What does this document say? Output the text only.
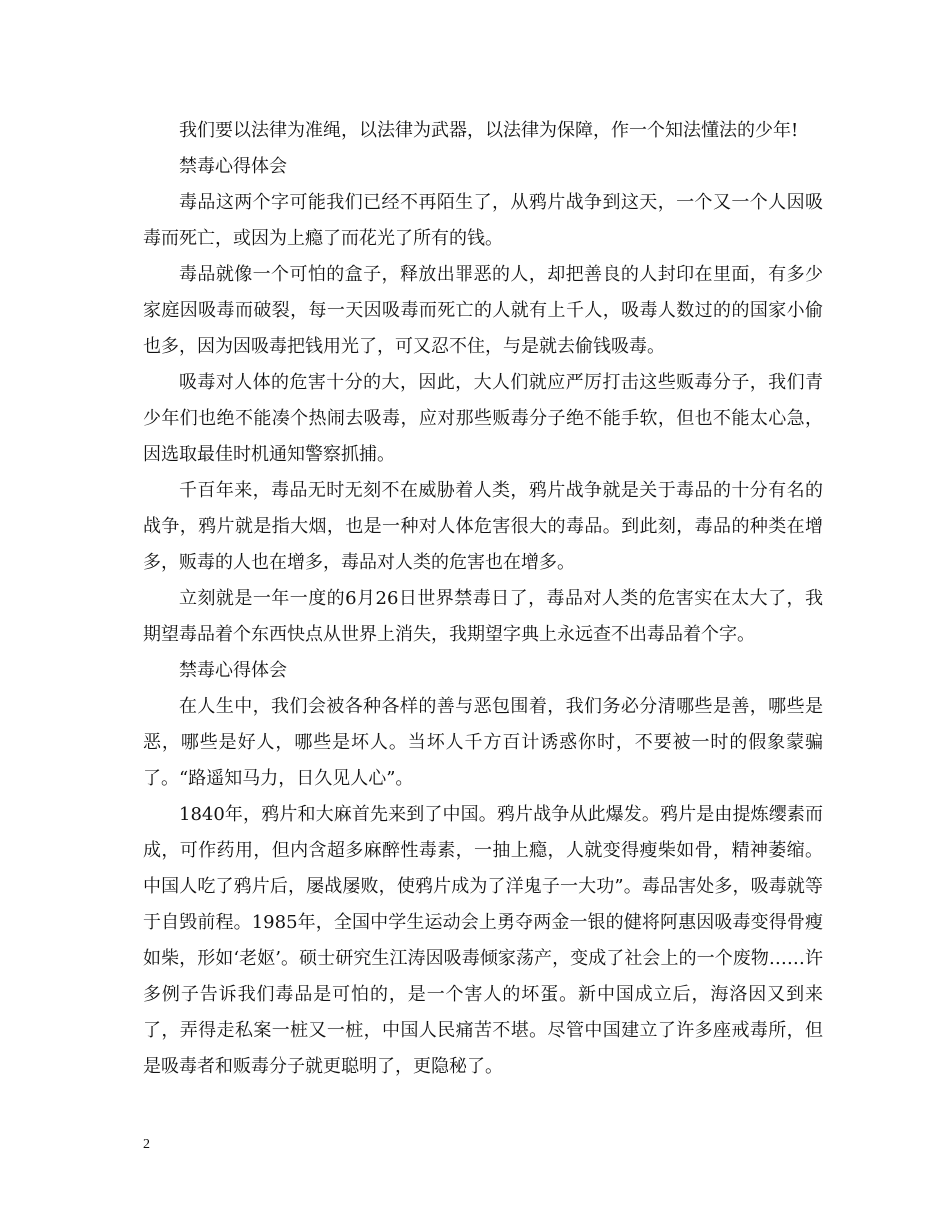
我们要以法律为准绳，以法律为武器，以法律为保障，作一个知法懂法的少年!

禁毒心得体会

毒品这两个字可能我们已经不再陌生了，从鸦片战争到这天，一个又一个人因吸毒而死亡，或因为上瘾了而花光了所有的钱。

毒品就像一个可怕的盒子，释放出罪恶的人，却把善良的人封印在里面，有多少家庭因吸毒而破裂，每一天因吸毒而死亡的人就有上千人，吸毒人数过的的国家小偷也多，因为因吸毒把钱用光了，可又忍不住，与是就去偷钱吸毒。

吸毒对人体的危害十分的大，因此，大人们就应严厉打击这些贩毒分子，我们青少年们也绝不能凑个热闹去吸毒，应对那些贩毒分子绝不能手软，但也不能太心急，因选取最佳时机通知警察抓捕。

千百年来，毒品无时无刻不在威胁着人类，鸦片战争就是关于毒品的十分有名的战争，鸦片就是指大烟，也是一种对人体危害很大的毒品。到此刻，毒品的种类在增多，贩毒的人也在增多，毒品对人类的危害也在增多。

立刻就是一年一度的6月26日世界禁毒日了，毒品对人类的危害实在太大了，我期望毒品着个东西快点从世界上消失，我期望字典上永远查不出毒品着个字。

禁毒心得体会

在人生中，我们会被各种各样的善与恶包围着，我们务必分清哪些是善，哪些是恶，哪些是好人，哪些是坏人。当坏人千方百计诱惑你时，不要被一时的假象蒙骗了。“路遥知马力，日久见人心”。

1840年，鸦片和大麻首先来到了中国。鸦片战争从此爆发。鸦片是由提炼缨素而成，可作药用，但内含超多麻醉性毒素，一抽上瘾，人就变得瘦柴如骨，精神萎缩。中国人吃了鸦片后，屡战屡败，使鸦片成为了洋鬼子一大功”。毒品害处多，吸毒就等于自毁前程。1985年，全国中学生运动会上勇夺两金一银的健将阿惠因吸毒变得骨瘦如柴，形如‘老妪’。硕士研究生江涛因吸毒倾家荡产，变成了社会上的一个废物……许多例子告诉我们毒品是可怕的，是一个害人的坏蛋。新中国成立后，海洛因又到来了，弄得走私案一桩又一桩，中国人民痛苦不堪。尽管中国建立了许多座戒毒所，但是吸毒者和贩毒分子就更聪明了，更隐秘了。

2
